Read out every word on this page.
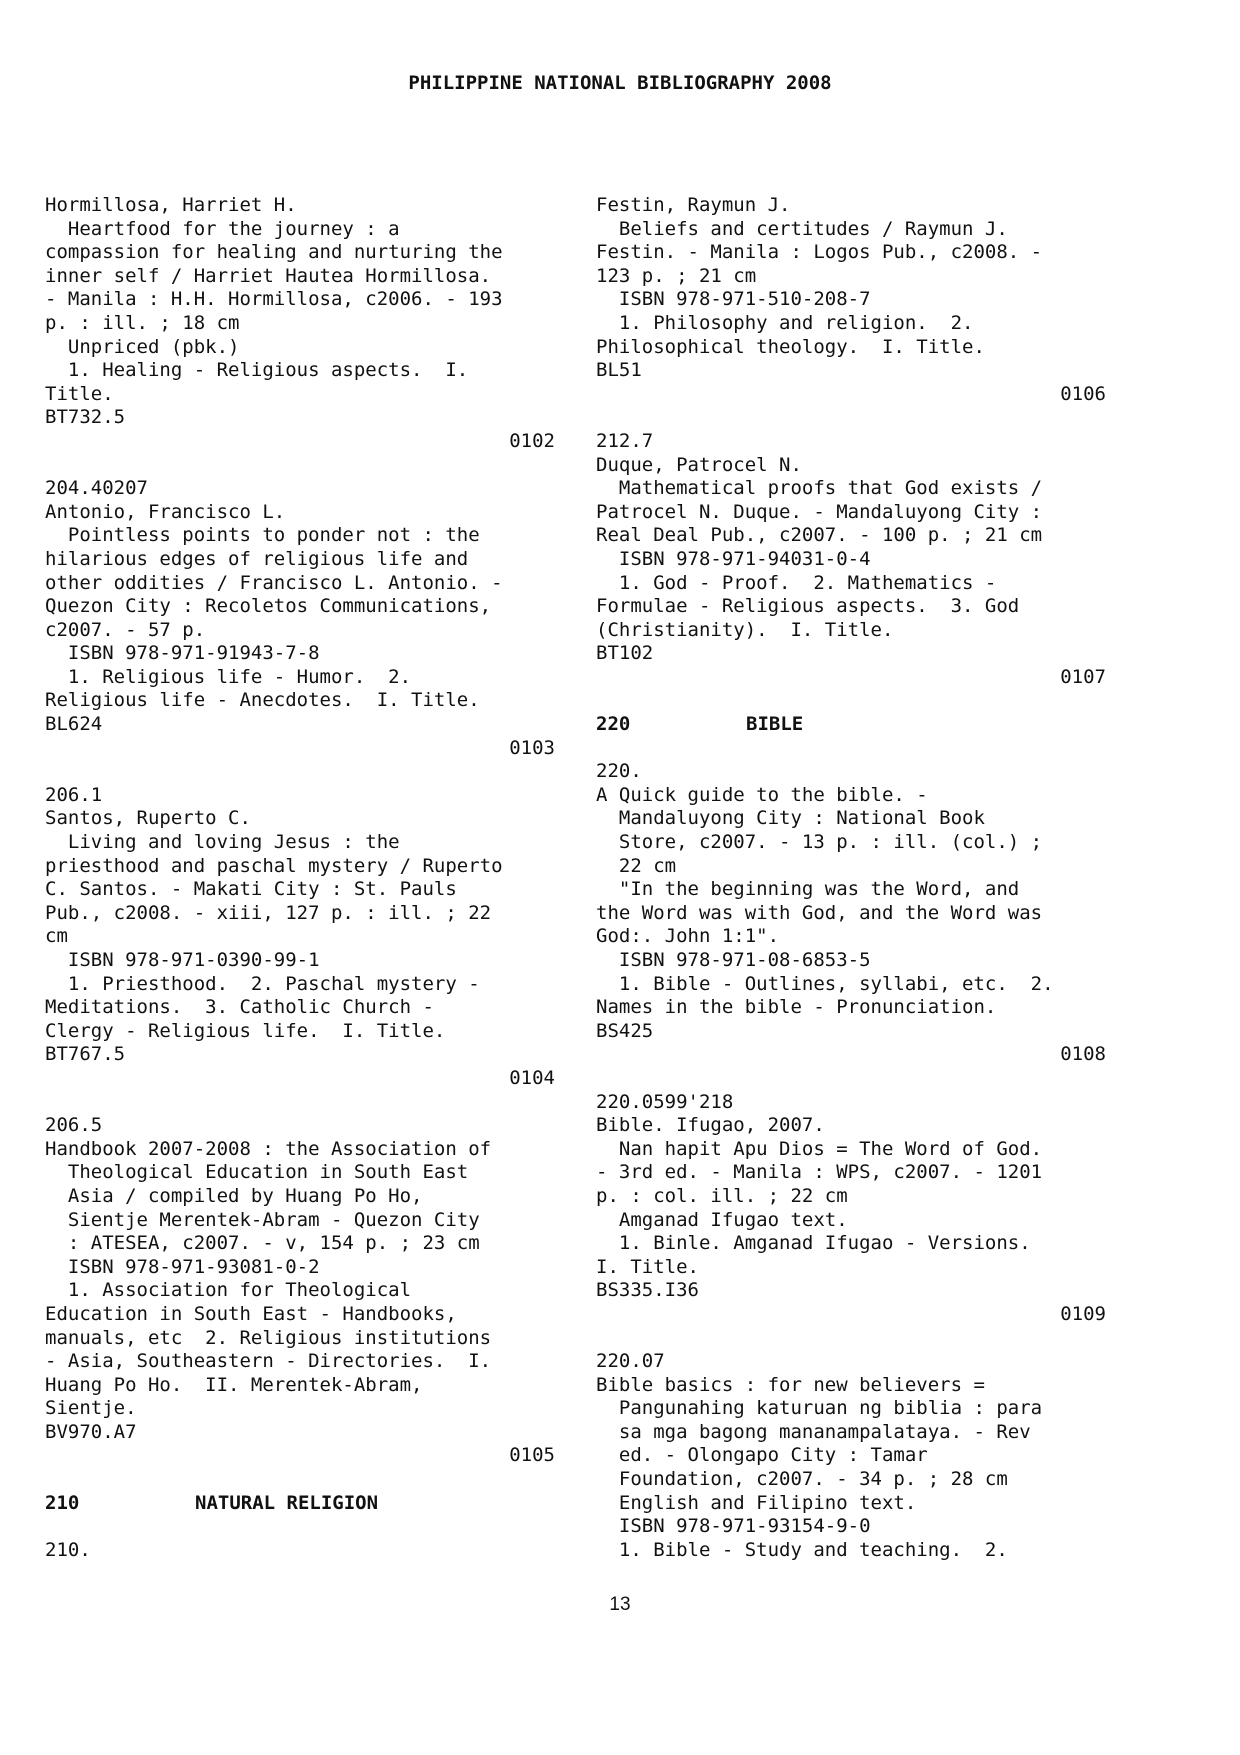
PHILIPPINE NATIONAL BIBLIOGRAPHY 2008
Hormillosa, Harriet H.
Heartfood for the journey : a
compassion for healing and nurturing the
inner self / Harriet Hautea Hormillosa.
- Manila : H.H. Hormillosa, c2006. - 193
p. : ill. ; 18 cm
Unpriced (pbk.)
1. Healing - Religious aspects.  I.
Title.
BT732.5
0102
204.40207
Antonio, Francisco L.
Pointless points to ponder not : the
hilarious edges of religious life and
other oddities / Francisco L. Antonio. -
Quezon City : Recoletos Communications,
c2007. - 57 p.
ISBN 978-971-91943-7-8
1. Religious life - Humor.  2.
Religious life - Anecdotes.  I. Title.
BL624
0103
206.1
Santos, Ruperto C.
Living and loving Jesus : the
priesthood and paschal mystery / Ruperto
C. Santos. - Makati City : St. Pauls
Pub., c2008. - xiii, 127 p. : ill. ; 22
cm
ISBN 978-971-0390-99-1
1. Priesthood.  2. Paschal mystery -
Meditations.  3. Catholic Church -
Clergy - Religious life.  I. Title.
BT767.5
0104
206.5
Handbook 2007-2008 : the Association of
Theological Education in South East
Asia / compiled by Huang Po Ho,
Sientje Merentek-Abram - Quezon City
: ATESEA, c2007. - v, 154 p. ; 23 cm
ISBN 978-971-93081-0-2
1. Association for Theological
Education in South East - Handbooks,
manuals, etc  2. Religious institutions
- Asia, Southeastern - Directories.  I.
Huang Po Ho.  II. Merentek-Abram,
Sientje.
BV970.A7
0105
210	NATURAL RELIGION
210.
Festin, Raymun J.
Beliefs and certitudes / Raymun J.
Festin. - Manila : Logos Pub., c2008. -
123 p. ; 21 cm
ISBN 978-971-510-208-7
1. Philosophy and religion.  2.
Philosophical theology.  I. Title.
BL51
0106
212.7
Duque, Patrocel N.
Mathematical proofs that God exists /
Patrocel N. Duque. - Mandaluyong City :
Real Deal Pub., c2007. - 100 p. ; 21 cm
ISBN 978-971-94031-0-4
1. God - Proof.  2. Mathematics -
Formulae - Religious aspects.  3. God
(Christianity).  I. Title.
BT102
0107
220	BIBLE
220.
A Quick guide to the bible. -
Mandaluyong City : National Book
Store, c2007. - 13 p. : ill. (col.) ;
22 cm
"In the beginning was the Word, and
the Word was with God, and the Word was
God:. John 1:1".
ISBN 978-971-08-6853-5
1. Bible - Outlines, syllabi, etc.  2.
Names in the bible - Pronunciation.
BS425
0108
220.0599'218
Bible. Ifugao, 2007.
Nan hapit Apu Dios = The Word of God.
- 3rd ed. - Manila : WPS, c2007. - 1201
p. : col. ill. ; 22 cm
Amganad Ifugao text.
1. Binle. Amganad Ifugao - Versions.
I. Title.
BS335.I36
0109
220.07
Bible basics : for new believers =
Pangunahing katuruan ng biblia : para
sa mga bagong mananampalataya. - Rev
ed. - Olongapo City : Tamar
Foundation, c2007. - 34 p. ; 28 cm
English and Filipino text.
ISBN 978-971-93154-9-0
1. Bible - Study and teaching.  2.
13
